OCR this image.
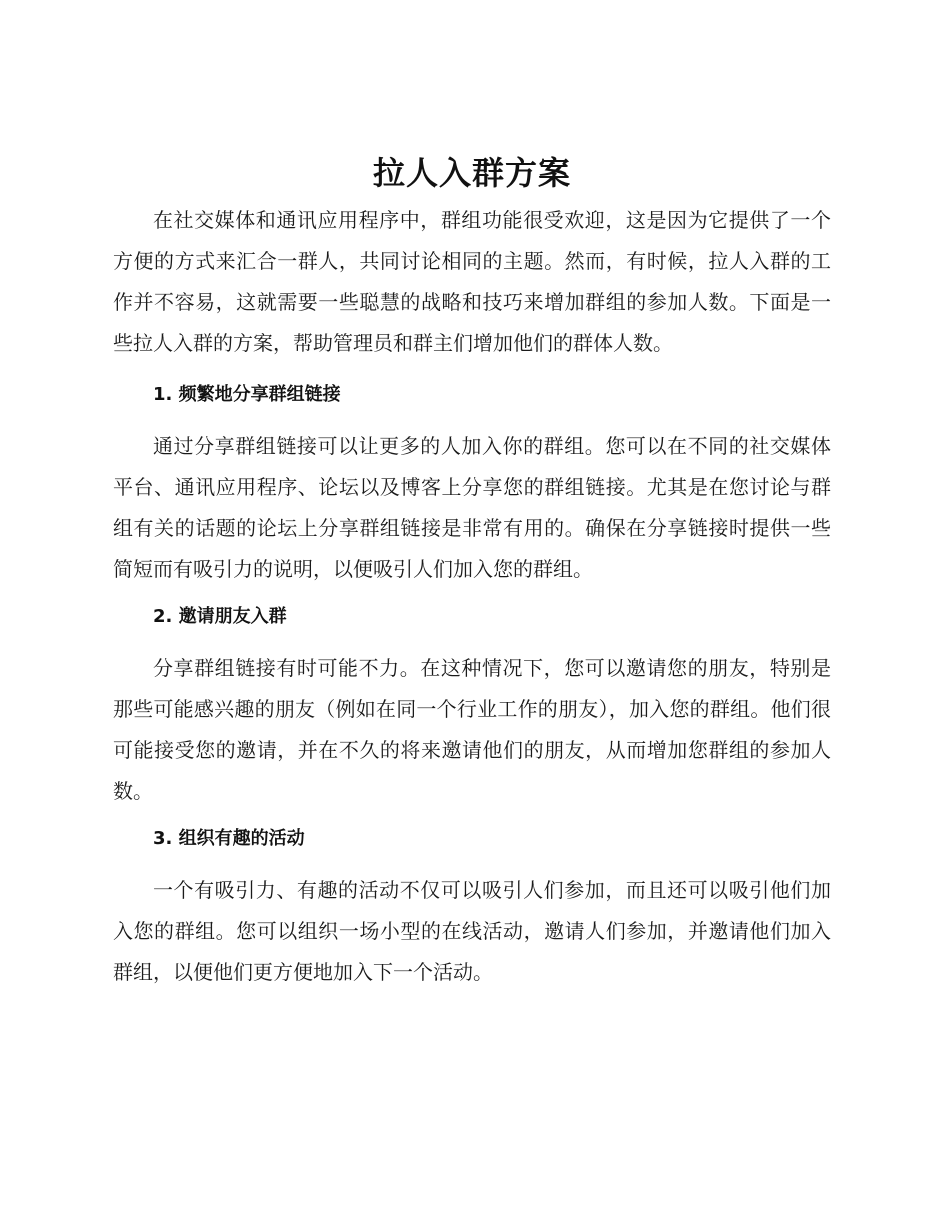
拉人入群方案

在社交媒体和通讯应用程序中，群组功能很受欢迎，这是因为它提供了一个方便的方式来汇合一群人，共同讨论相同的主题。然而，有时候，拉人入群的工作并不容易，这就需要一些聪慧的战略和技巧来增加群组的参加人数。下面是一些拉人入群的方案，帮助管理员和群主们增加他们的群体人数。

1. 频繁地分享群组链接

通过分享群组链接可以让更多的人加入你的群组。您可以在不同的社交媒体平台、通讯应用程序、论坛以及博客上分享您的群组链接。尤其是在您讨论与群组有关的话题的论坛上分享群组链接是非常有用的。确保在分享链接时提供一些简短而有吸引力的说明，以便吸引人们加入您的群组。

2. 邀请朋友入群

分享群组链接有时可能不力。在这种情况下，您可以邀请您的朋友，特别是那些可能感兴趣的朋友（例如在同一个行业工作的朋友），加入您的群组。他们很可能接受您的邀请，并在不久的将来邀请他们的朋友，从而增加您群组的参加人数。

3. 组织有趣的活动

一个有吸引力、有趣的活动不仅可以吸引人们参加，而且还可以吸引他们加入您的群组。您可以组织一场小型的在线活动，邀请人们参加，并邀请他们加入群组，以便他们更方便地加入下一个活动。
